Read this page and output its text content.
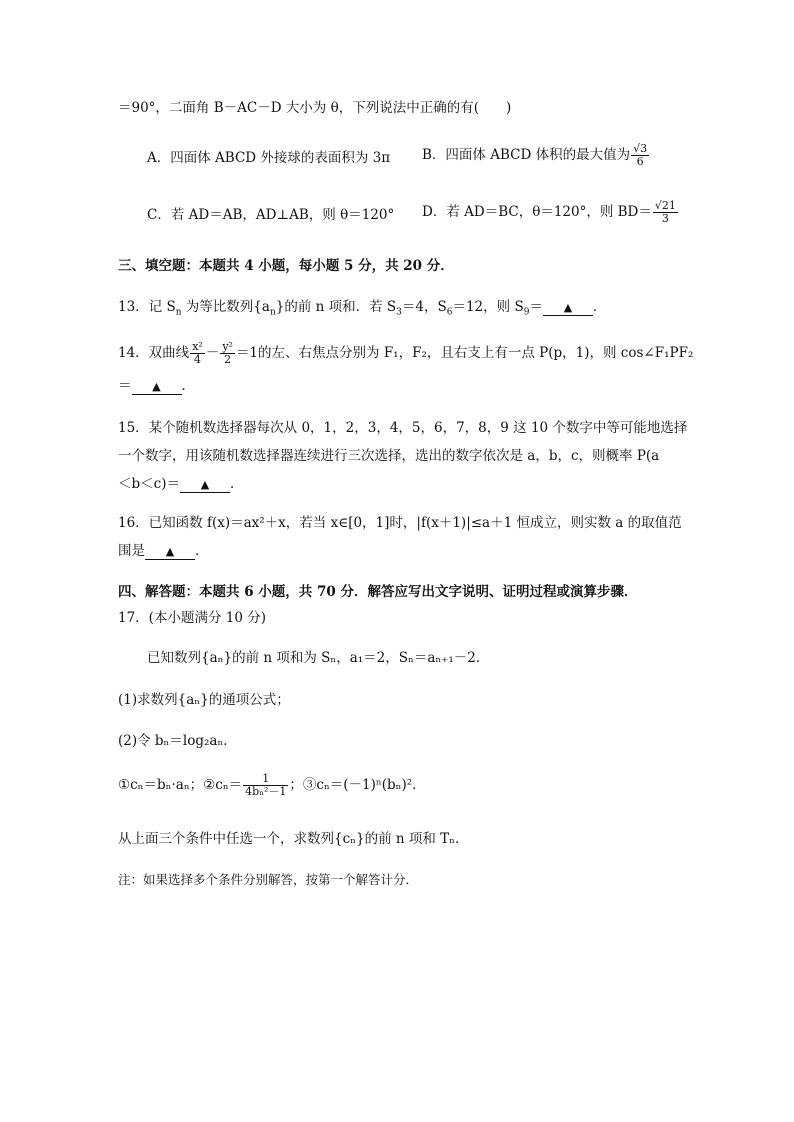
＝90°，二面角 B－AC－D 大小为 θ，下列说法中正确的有(　　)
A．四面体 ABCD 外接球的表面积为 3π B．四面体 ABCD 体积的最大值为 $\frac{√3}{6}$
C．若 AD＝AB，AD⊥AB，则 θ＝120° D．若 AD＝BC，θ＝120°，则 $BD= \frac{√21}{3}$
三、填空题：本题共 4 小题，每小题 5 分，共 20 分．
13．记 $S_n$ 为等比数列$\{a_n\}$的前 n 项和．若 $S_3=4$，$S_6=12$，则 $S_9=$ ▲ ．
14．双曲线 $\frac{\text{x²}}{4} - \frac{\text{y²}}{2} =1$的左、右焦点分别为 F₁，F₂，且右支上有一点 P(p，1)，则 cos∠F₁PF₂
＝ ▲ ．
15．某个随机数选择器每次从 0，1，2，3，4，5，6，7，8，9 这 10 个数字中等可能地选择
一个数字，用该随机数选择器连续进行三次选择，选出的数字依次是 a，b，c，则概率 P(a
＜b＜c)＝ ▲ ．
16．已知函数 f(x)＝ax²＋x，若当 x∈[0，1]时，|f(x＋1)|≤a＋1 恒成立，则实数 a 的取值范
围是 ▲ ．
四、解答题：本题共 6 小题，共 70 分．解答应写出文字说明、证明过程或演算步骤．
17．(本小题满分 10 分)
已知数列{aₙ}的前 n 项和为 Sₙ，a₁＝2，Sₙ＝aₙ₊₁－2．
(1)求数列{aₙ}的通项公式；
(2)令 bₙ＝log₂aₙ．
①cₙ＝bₙ·aₙ；②cₙ＝ $\frac{1}{\text{4bₙ²－1}}$ ；③cₙ＝(－1)ⁿ(bₙ)²．
从上面三个条件中任选一个，求数列{cₙ}的前 n 项和 Tₙ．
注：如果选择多个条件分别解答，按第一个解答计分．
